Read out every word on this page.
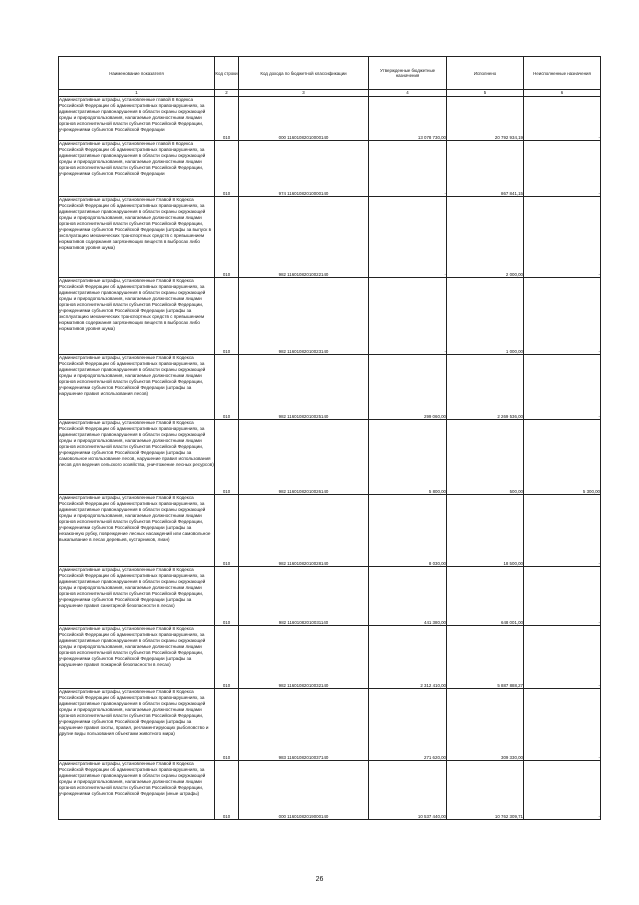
Наименование показателя	Код строки	Код дохода по бюджетной классификации	Утвержденные бюджетные назначения	Исполнено	Неисполненные назначения
1	2	3	4	5	6
Административные штрафы, установленные главой 8 Кодекса Российской Федерации об административных правонарушениях, за административные правонарушения в области охраны окружающей среды и природопользования, налагаемые должностными лицами органов исполнительной власти субъектов Российской Федерации, учреждениями субъектов Российской Федерации	010	000 11601082010000140	13 078 730,00	20 792 934,19	-
Административные штрафы, установленные главой 8 Кодекса Российской Федерации об административных правонарушениях, за административные правонарушения в области охраны окружающей среды и природопользования, налагаемые должностными лицами органов исполнительной власти субъектов Российской Федерации, учреждениями субъектов Российской Федерации	010	974 11601082010000140	-	867 841,15	-
Административные штрафы, установленные Главой 8 Кодекса Российской Федерации об административных правонарушениях, за административные правонарушения в области охраны окружающей среды и природопользования, налагаемые должностными лицами органов исполнительной власти субъектов Российской Федерации, учреждениями субъектов Российской Федерации (штрафы за выпуск в эксплуатацию механических транспортных средств с превышением нормативов содержания загрязняющих веществ в выбросах либо нормативов уровня шума)	010	982 11601082010022140	-	2 000,00	-
Административные штрафы, установленные Главой 8 Кодекса Российской Федерации об административных правонарушениях, за административные правонарушения в области охраны окружающей среды и природопользования, налагаемые должностными лицами органов исполнительной власти субъектов Российской Федерации, учреждениями субъектов Российской Федерации (штрафы за эксплуатацию механических транспортных средств с превышением нормативов содержания загрязняющих веществ в выбросах либо нормативов уровня шума)	010	982 11601082010023140	-	1 000,00	-
Административные штрафы, установленные Главой 8 Кодекса Российской Федерации об административных правонарушениях, за административные правонарушения в области охраны окружающей среды и природопользования, налагаемые должностными лицами органов исполнительной власти субъектов Российской Федерации, учреждениями субъектов Российской Федерации (штрафы за нарушение правил использования лесов)	010	982 11601082010025140	299 060,00	2 269 536,00	-
Административные штрафы, установленные Главой 8 Кодекса Российской Федерации об административных правонарушениях, за административные правонарушения в области охраны окружающей среды и природопользования, налагаемые должностными лицами органов исполнительной власти субъектов Российской Федерации, учреждениями субъектов Российской Федерации (штрафы за самовольное использование лесов, нарушение правил использования лесов для ведения сельского хозяйства, уничтожение лесных ресурсов)	010	982 11601082010026140	5 800,00	500,00	5 300,00
Административные штрафы, установленные Главой 8 Кодекса Российской Федерации об административных правонарушениях, за административные правонарушения в области охраны окружающей среды и природопользования, налагаемые должностными лицами органов исполнительной власти субъектов Российской Федерации, учреждениями субъектов Российской Федерации (штрафы за незаконную рубку, повреждение лесных насаждений или самовольное выкапывание в лесах деревьев, кустарников, лиан)	010	982 11601082010028140	8 030,00	18 500,00	-
Административные штрафы, установленные Главой 8 Кодекса Российской Федерации об административных правонарушениях, за административные правонарушения в области охраны окружающей среды и природопользования, налагаемые должностными лицами органов исполнительной власти субъектов Российской Федерации, учреждениями субъектов Российской Федерации (штрафы за нарушение правил санитарной безопасности в лесах)	010	982 11601082010031140	441 380,00	648 001,00	-
Административные штрафы, установленные Главой 8 Кодекса Российской Федерации об административных правонарушениях, за административные правонарушения в области охраны окружающей среды и природопользования, налагаемые должностными лицами органов исполнительной власти субъектов Российской Федерации, учреждениями субъектов Российской Федерации (штрафы за нарушение правил пожарной безопасности в лесах)	010	982 11601082010032140	2 312 410,00	5 887 888,27	-
Административные штрафы, установленные Главой 8 Кодекса Российской Федерации об административных правонарушениях, за административные правонарушения в области охраны окружающей среды и природопользования, налагаемые должностными лицами органов исполнительной власти субъектов Российской Федерации, учреждениями субъектов Российской Федерации (штрафы за нарушение правил охоты, правил, регламентирующих рыболовство и другие виды пользования объектами животного мира)	010	983 11601082010037140	271 620,00	309 330,00	-
Административные штрафы, установленные Главой 8 Кодекса Российской Федерации об административных правонарушениях, за административные правонарушения в области охраны окружающей среды и природопользования, налагаемые должностными лицами органов исполнительной власти субъектов Российской Федерации, учреждениями субъектов Российской Федерации (иные штрафы)	010	000 11601082019000140	10 537 440,00	10 762 309,71	-
26
